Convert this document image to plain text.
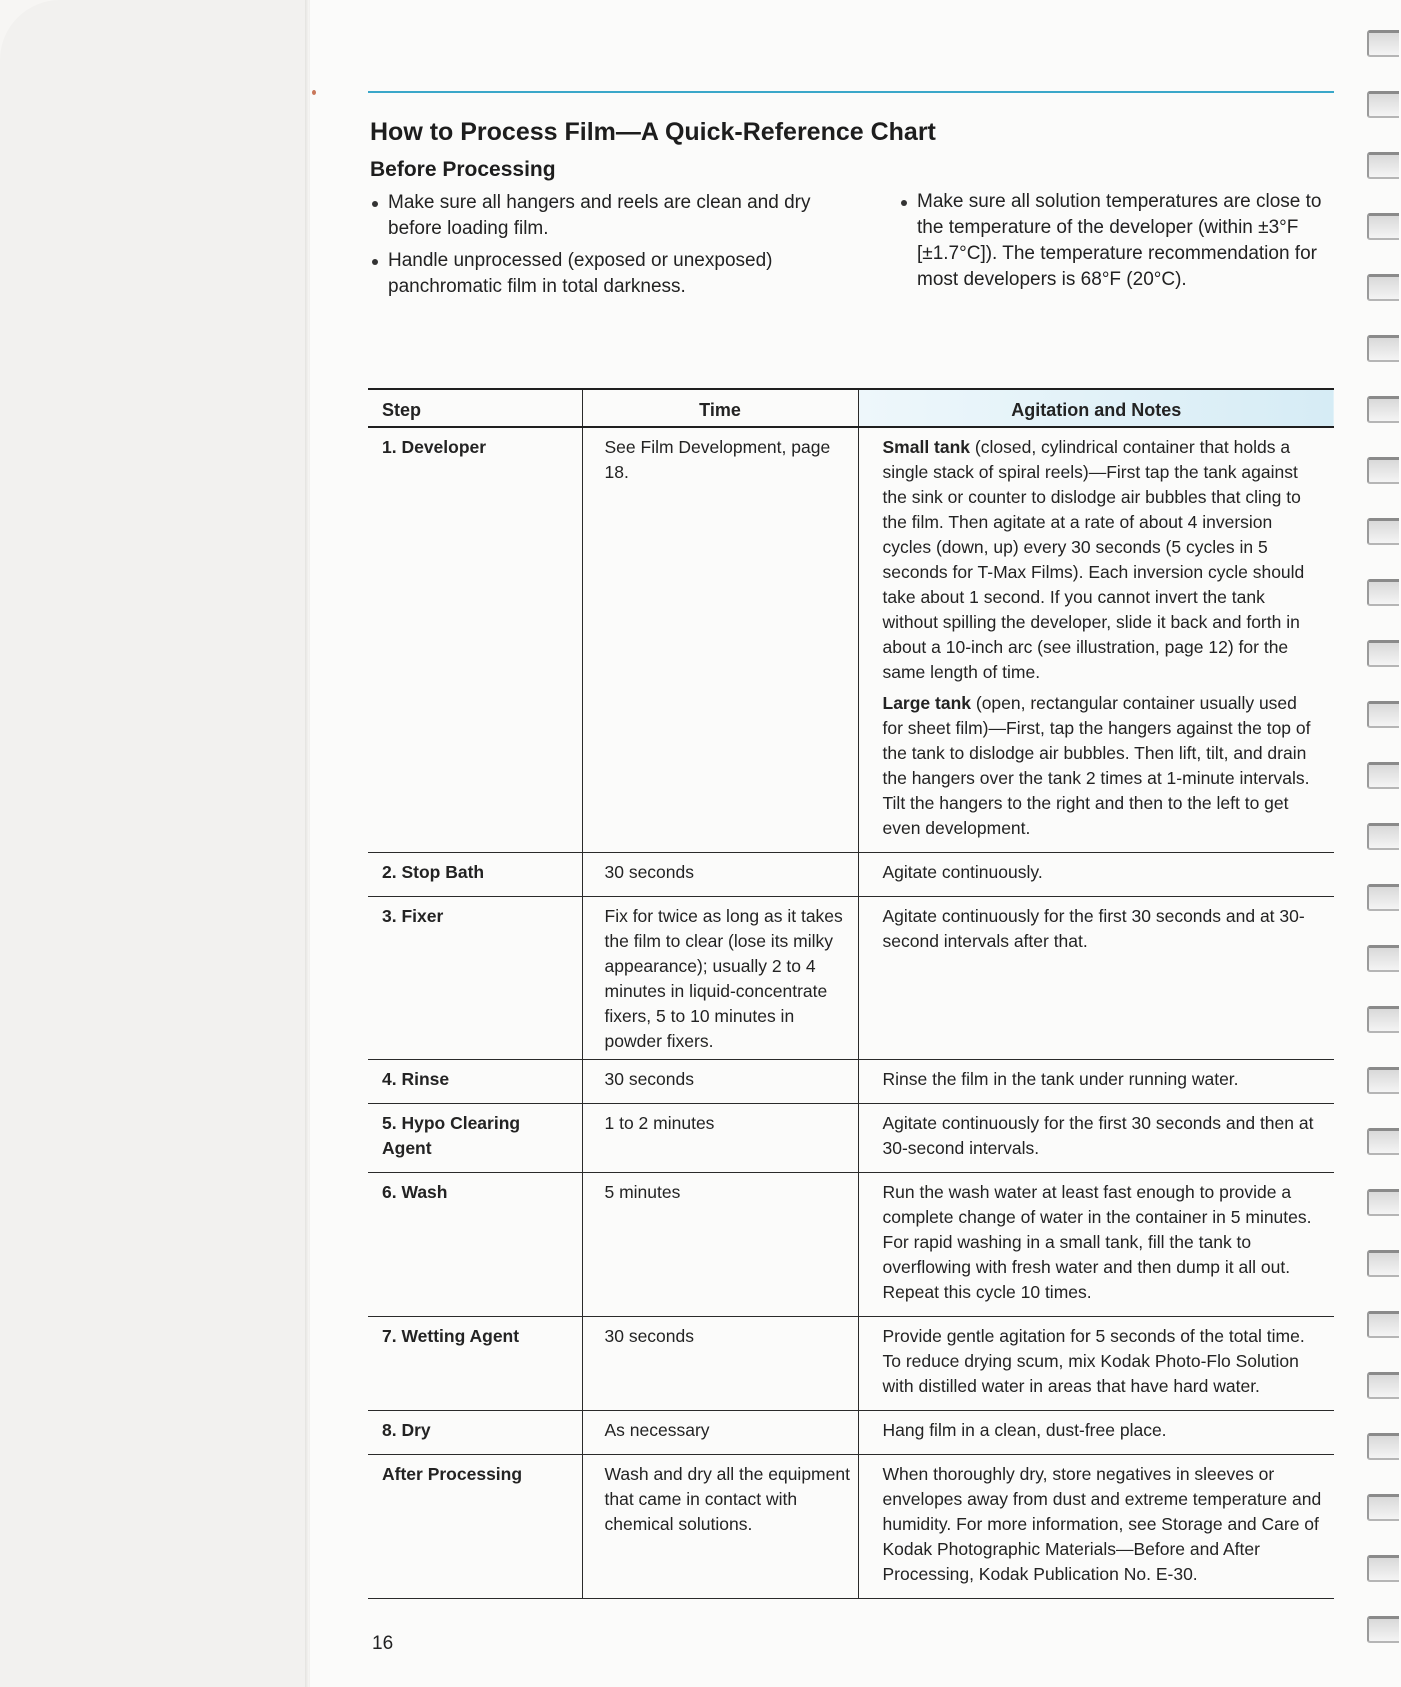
How to Process Film—A Quick-Reference Chart
Before Processing
Make sure all hangers and reels are clean and dry before loading film.
Handle unprocessed (exposed or unexposed) panchromatic film in total darkness.
Make sure all solution temperatures are close to the temperature of the developer (within ±3°F [±1.7°C]). The temperature recommendation for most developers is 68°F (20°C).
Step	Time	Agitation and Notes
1. Developer	See Film Development, page 18.	Small tank (closed, cylindrical container that holds a single stack of spiral reels)—First tap the tank against the sink or counter to dislodge air bubbles that cling to the film. Then agitate at a rate of about 4 inversion cycles (down, up) every 30 seconds (5 cycles in 5 seconds for T-Max Films). Each inversion cycle should take about 1 second. If you cannot invert the tank without spilling the developer, slide it back and forth in about a 10-inch arc (see illustration, page 12) for the same length of time.

Large tank (open, rectangular container usually used for sheet film)—First, tap the hangers against the top of the tank to dislodge air bubbles. Then lift, tilt, and drain the hangers over the tank 2 times at 1-minute intervals. Tilt the hangers to the right and then to the left to get even development.

2. Stop Bath	30 seconds	Agitate continuously.

3. Fixer	Fix for twice as long as it takes the film to clear (lose its milky appearance); usually 2 to 4 minutes in liquid-concentrate fixers, 5 to 10 minutes in powder fixers.	Agitate continuously for the first 30 seconds and at 30-second intervals after that.

4. Rinse	30 seconds	Rinse the film in the tank under running water.

5. Hypo Clearing Agent	1 to 2 minutes	Agitate continuously for the first 30 seconds and then at 30-second intervals.

6. Wash	5 minutes	Run the wash water at least fast enough to provide a complete change of water in the container in 5 minutes. For rapid washing in a small tank, fill the tank to overflowing with fresh water and then dump it all out. Repeat this cycle 10 times.

7. Wetting Agent	30 seconds	Provide gentle agitation for 5 seconds of the total time. To reduce drying scum, mix Kodak Photo-Flo Solution with distilled water in areas that have hard water.

8. Dry	As necessary	Hang film in a clean, dust-free place.

After Processing	Wash and dry all the equipment that came in contact with chemical solutions.	When thoroughly dry, store negatives in sleeves or envelopes away from dust and extreme temperature and humidity. For more information, see Storage and Care of Kodak Photographic Materials—Before and After Processing, Kodak Publication No. E-30.

16
